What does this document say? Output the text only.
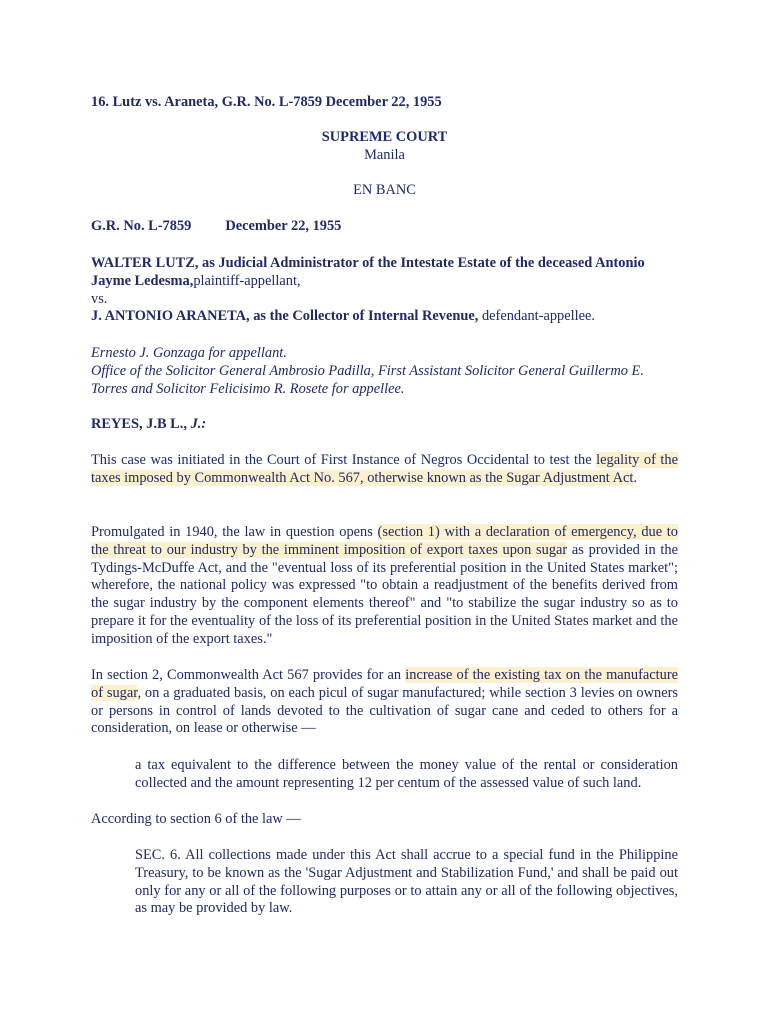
16. Lutz vs. Araneta, G.R. No. L-7859 December 22, 1955
SUPREME COURT
Manila
EN BANC
G.R. No. L-7859 December 22, 1955
WALTER LUTZ, as Judicial Administrator of the Intestate Estate of the deceased Antonio Jayme Ledesma,plaintiff-appellant,
vs.
J. ANTONIO ARANETA, as the Collector of Internal Revenue, defendant-appellee.
Ernesto J. Gonzaga for appellant.
Office of the Solicitor General Ambrosio Padilla, First Assistant Solicitor General Guillermo E. Torres and Solicitor Felicisimo R. Rosete for appellee.
REYES, J.B L., J.:
This case was initiated in the Court of First Instance of Negros Occidental to test the legality of the taxes imposed by Commonwealth Act No. 567, otherwise known as the Sugar Adjustment Act.
Promulgated in 1940, the law in question opens (section 1) with a declaration of emergency, due to the threat to our industry by the imminent imposition of export taxes upon sugar as provided in the Tydings-McDuffe Act, and the "eventual loss of its preferential position in the United States market"; wherefore, the national policy was expressed "to obtain a readjustment of the benefits derived from the sugar industry by the component elements thereof" and "to stabilize the sugar industry so as to prepare it for the eventuality of the loss of its preferential position in the United States market and the imposition of the export taxes."
In section 2, Commonwealth Act 567 provides for an increase of the existing tax on the manufacture of sugar, on a graduated basis, on each picul of sugar manufactured; while section 3 levies on owners or persons in control of lands devoted to the cultivation of sugar cane and ceded to others for a consideration, on lease or otherwise —
a tax equivalent to the difference between the money value of the rental or consideration collected and the amount representing 12 per centum of the assessed value of such land.
According to section 6 of the law —
SEC. 6. All collections made under this Act shall accrue to a special fund in the Philippine Treasury, to be known as the 'Sugar Adjustment and Stabilization Fund,' and shall be paid out only for any or all of the following purposes or to attain any or all of the following objectives, as may be provided by law.
